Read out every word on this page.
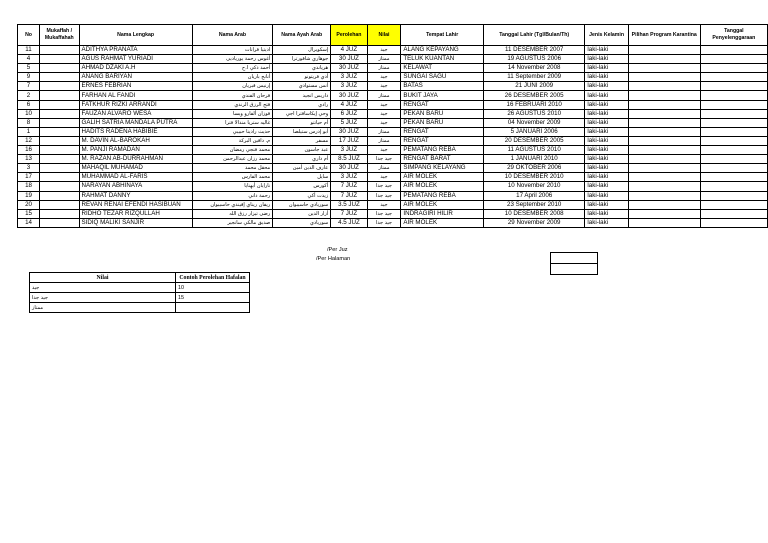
No	Mukaffah / Mukaffahah	Nama Lengkap	Nama Arab	Nama Ayah Arab	Perolehan	Nilai	Tempat Lahir	Tanggal Lahir (Tgl/Bulan/Th)	Jenis Kelamin	Pilihan Program Karantina	Tanggal Penyelenggaraan
11		ADITHYA PRANATA	اديتيا فرانات	إسكويرال	4 JUZ	جيد	ALANG KEPAYANG	11 DESEMBER 2007	laki-laki		
4		AGUS RAHMAT YURIADI	أغوس رحمة يورياديى	جوهاري شافورترا	30 JUZ	ممتاز	TELUK KUANTAN	19 AGUSTUS 2006	laki-laki		
5		AHMAD DZAKI A.H	أحمد ذكي ا.ح	هرياندي	30 JUZ	ممتاز	KELAWAT	14 November 2008	laki-laki		
9		ANANG BARIYAN	أنانج باريان	أدي فريتونو	3 JUZ	جيد	SUNGAI SAGU	11 September 2009	laki-laki		
7		ERNES FEBRIAN	إرنيس فبريان	أنس مستوادي	3 JUZ	جيد	BATAS	21 JUNI 2009	laki-laki		
2		FARHAN AL FANDI	فرحان الفندي	داريس انجيد	30 JUZ	ممتاز	BUKIT JAYA	26 DESEMBER 2005	laki-laki		
6		FATKHUR RIZKI ARRANDI	فتح الرزق الرندي	رادي	4 JUZ	جيد	RENGAT	16 FEBRUARI 2010	laki-laki		
10		FAUZAN ALVARO WESA	فوزان ألفارو ويسا	وحي إيكاسافترا اجي	6 JUZ	جيد	PEKAN BARU	26 AGUSTUS 2010	laki-laki		
8		GALIH SATRIA MANDALA PUTRA	غاليه ستريا مندالا فترا	أم حيانتو	5 JUZ	جيد	PEKAN BARU	04 November 2009	laki-laki		
1		HADITS RADENA HABIBIE	حديث رادينا حبيبي	أبو إدرس ستيلصا	30 JUZ	ممتاز	RENGAT	5 JANUARI 2006	laki-laki		
12		M. DAVIN AL-BAROKAH	م. دافين البركة	مسفر	17 JUZ	ممتاز	RENGAT	20 DESEMBER 2005	laki-laki		
16		M. PANJI RAMADAN	محمد فنجي رمضان	عبد جاسون	3 JUZ	جيد	PEMATANG REBA	11 AGUSTUS 2010	laki-laki		
13		M. RAZAN AB-DURRAHMAN	محمد رزان عبدالرحمن	أم داري	8.5 JUZ	جيد جدا	RENGAT BARAT	1 JANUARI 2010	laki-laki		
3		MAHAQIL MUHAMAD	محقل محمد	عارف الدين أمين	30 JUZ	ممتاز	SIMPANG KELAYANG	29 OKTOBER 2006	laki-laki		
17		MUHAMMAD AL-FARIS	محمد الفارس	سايل	3 JUZ	جيد	AIR MOLEK	10 DESEMBER 2010	laki-laki		
18		NARAYAN ABHINAYA	نارايان أبهنايا	أكورس	7 JUZ	جيد جدا	AIR MOLEK	10 November 2010	laki-laki		
19		RAHMAT DANNY	رحمة داني	زيدت أكي	7 JUZ	جيد جدا	PEMATANG REBA	17 April 2006	laki-laki		
20		REVAN RENAI EFENDI HASIBUAN	ريفان ريناي إفيندي حاسيبوان	سوريادي حاسيبوان	3.5 JUZ	جيد	AIR MOLEK	23 September 2010	laki-laki		
15		RIDHO TEZAR RIZQULLAH	رضى تيزار رزق الله	أزار الدين	7 JUZ	جيد جدا	INDRAGIRI HILIR	10 DESEMBER 2008	laki-laki		
14		SIDIQ MALIKI SANJIR	صديق مالكي سانجير	سوريادي	4.5 JUZ	جيد جدا	AIR MOLEK	29 November 2009	laki-laki		
/Per Juz
/Per Halaman

Nilai	Contoh Perolehan Hafalan
جيد	10
جيد جدا	15
ممتاز	
